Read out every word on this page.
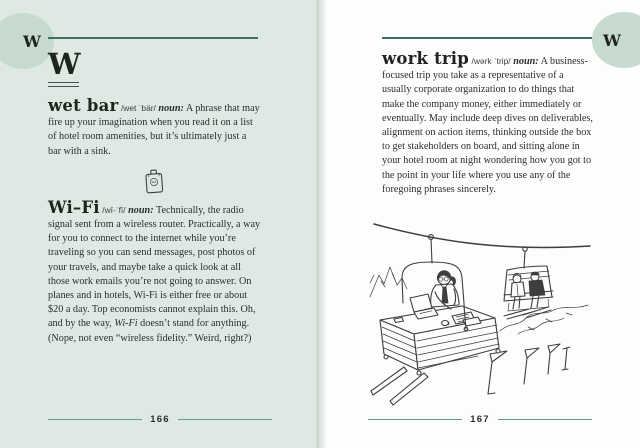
W
W

wet bar /wet ˈbär/ noun: A phrase that may fire up your imagination when you read it on a list of hotel room amenities, but it’s ultimately just a bar with a sink.

Wi–Fi /wī-ˈfī/ noun: Technically, the radio signal sent from a wireless router. Practically, a way for you to connect to the internet while you’re traveling so you can send messages, post photos of your travels, and maybe take a quick look at all those work emails you’re not going to answer. On planes and in hotels, Wi-Fi is either free or about $20 a day. Top economists cannot explain this. Oh, and by the way, Wi-Fi doesn’t stand for anything. (Nope, not even “wireless fidelity.” Weird, right?)

166
W

work trip /wərk ˈtrip/ noun: A business-focused trip you take as a representative of a usually corporate organization to do things that make the company money, either immediately or eventually. May include deep dives on deliverables, alignment on action items, thinking outside the box to get stakeholders on board, and sitting alone in your hotel room at night wondering how you got to the point in your life where you use any of the foregoing phrases sincerely.

167
